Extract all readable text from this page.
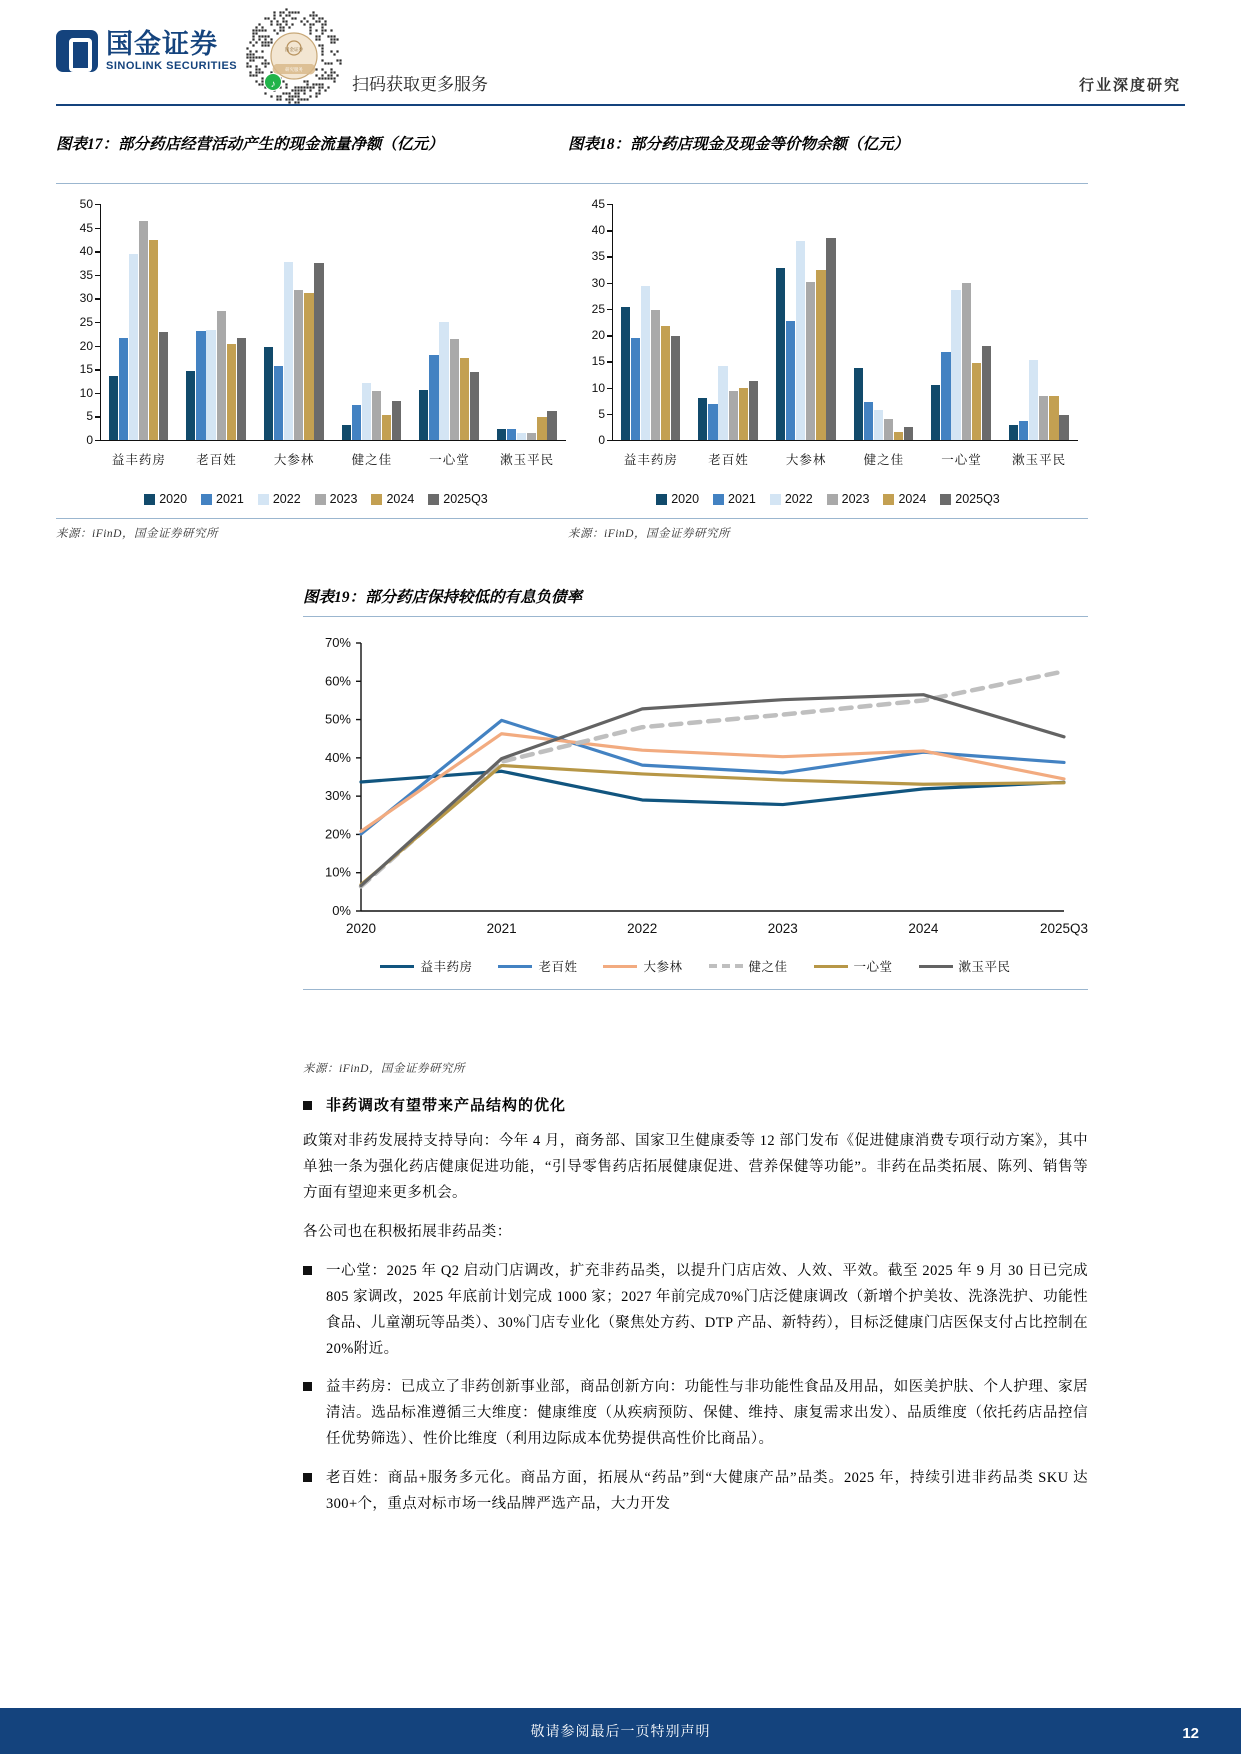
国金证券
SINOLINK SECURITIES
国金证券
研究服务
♪	扫码获取更多服务	行业深度研究
图表17：部分药店经营活动产生的现金流量净额（亿元）
0
5
10
15
20
25
30
35
40
45
50
益丰药房 老百姓	大参林	健之佳	一心堂 漱玉平民
2020 2021 2022 2023 2024 2025Q3
来源：iFinD，国金证券研究所
图表18：部分药店现金及现金等价物余额（亿元）
0
5
10
15
20
25
30
35
40
45
益丰药房 老百姓	大参林	健之佳	一心堂 漱玉平民
2020 2021 2022 2023 2024 2025Q3
来源：iFinD，国金证券研究所
图表19：部分药店保持较低的有息负债率
0%
10%
20%
30%
40%
50%
60%
70%
2020	2021	2022	2023	2024	2025Q3
益丰药房	老百姓	大参林	健之佳	一心堂	漱玉平民
来源：iFinD，国金证券研究所
非药调改有望带来产品结构的优化
政策对非药发展持支持导向：今年 4 月，商务部、国家卫生健康委等 12 部门发布《促进健康消费专项行动方案》，其中单独一条为强化药店健康促进功能，“引导零售药店拓展健康促进、营养保健等功能”。非药在品类拓展、陈列、销售等方面有望迎来更多机会。
各公司也在积极拓展非药品类：
一心堂：2025 年 Q2 启动门店调改，扩充非药品类，以提升门店店效、人效、平效。截至 2025 年 9 月 30 日已完成 805 家调改，2025 年底前计划完成 1000 家；2027 年前完成70%门店泛健康调改（新增个护美妆、洗涤洗护、功能性食品、儿童潮玩等品类）、30%门店专业化（聚焦处方药、DTP 产品、新特药），目标泛健康门店医保支付占比控制在 20%附近。
益丰药房：已成立了非药创新事业部，商品创新方向：功能性与非功能性食品及用品，如医美护肤、个人护理、家居清洁。选品标准遵循三大维度：健康维度（从疾病预防、保健、维持、康复需求出发）、品质维度（依托药店品控信任优势筛选）、性价比维度（利用边际成本优势提供高性价比商品）。
老百姓：商品+服务多元化。商品方面，拓展从“药品”到“大健康产品”品类。2025 年，持续引进非药品类 SKU 达 300+个，重点对标市场一线品牌严选产品，大力开发
敬请参阅最后一页特别声明	12
